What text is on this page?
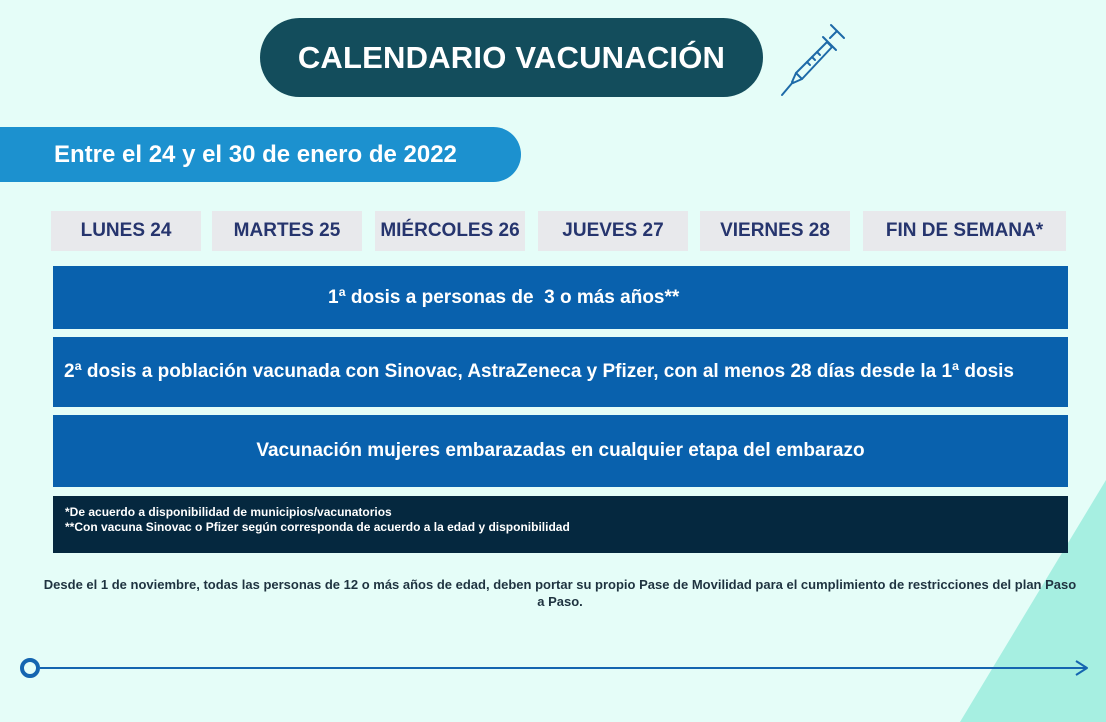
CALENDARIO VACUNACIÓN
Entre el 24 y el 30 de enero de 2022
LUNES 24	MARTES 25	MIÉRCOLES 26	JUEVES 27	VIERNES 28	FIN DE SEMANA*
1ª dosis a personas de  3 o más años**
2ª dosis a población vacunada con Sinovac, AstraZeneca y Pfizer, con al menos 28 días desde la 1ª dosis
Vacunación mujeres embarazadas en cualquier etapa del embarazo
*De acuerdo a disponibilidad de municipios/vacunatorios
**Con vacuna Sinovac o Pfizer según corresponda de acuerdo a la edad y disponibilidad
Desde el 1 de noviembre, todas las personas de 12 o más años de edad, deben portar su propio Pase de Movilidad para el cumplimiento de restricciones del plan Paso a Paso.
